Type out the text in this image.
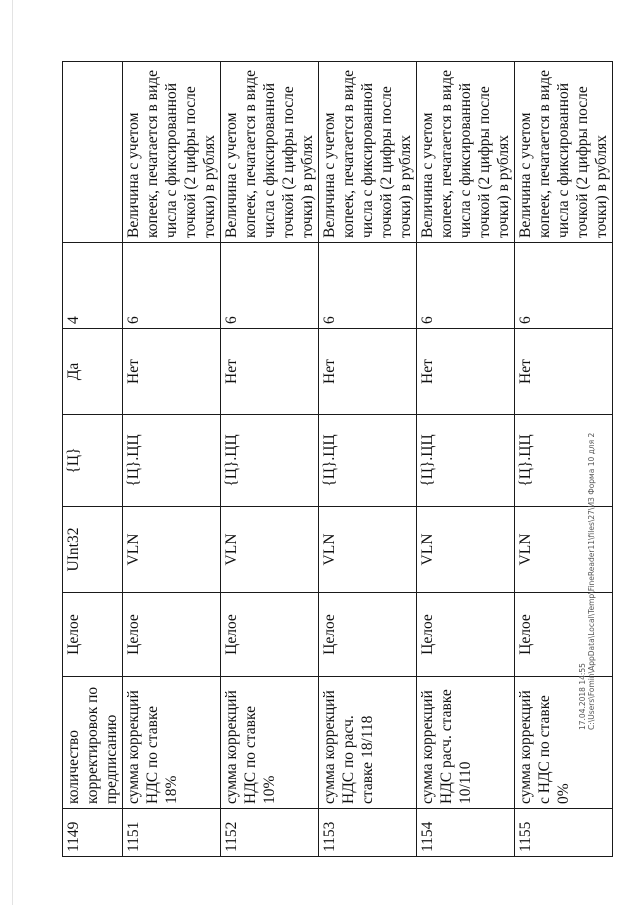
1149	количество корректировок по предписанию	Целое	UInt32	{Ц}	Да	4	
1151	сумма коррекций НДС по ставке 18%	Целое	VLN	{Ц}.ЦЦ	Нет	6	Величина с учетом копеек, печатается в виде числа с фиксированной точкой (2 цифры после точки) в рублях
1152	сумма коррекций НДС по ставке 10%	Целое	VLN	{Ц}.ЦЦ	Нет	6	Величина с учетом копеек, печатается в виде числа с фиксированной точкой (2 цифры после точки) в рублях
1153	сумма коррекций НДС по расч. ставке 18/118	Целое	VLN	{Ц}.ЦЦ	Нет	6	Величина с учетом копеек, печатается в виде числа с фиксированной точкой (2 цифры после точки) в рублях
1154	сумма коррекций НДС расч. ставке 10/110	Целое	VLN	{Ц}.ЦЦ	Нет	6	Величина с учетом копеек, печатается в виде числа с фиксированной точкой (2 цифры после точки) в рублях
1155	сумма коррекций с НДС по ставке 0%	Целое	VLN	{Ц}.ЦЦ	Нет	6	Величина с учетом копеек, печатается в виде числа с фиксированной точкой (2 цифры после точки) в рублях
17.04.2018 14:55 С:\Users\Fomin\AppData\Local\Temp\FineReader11\files\27\ИЗ Форма 10 для 2
